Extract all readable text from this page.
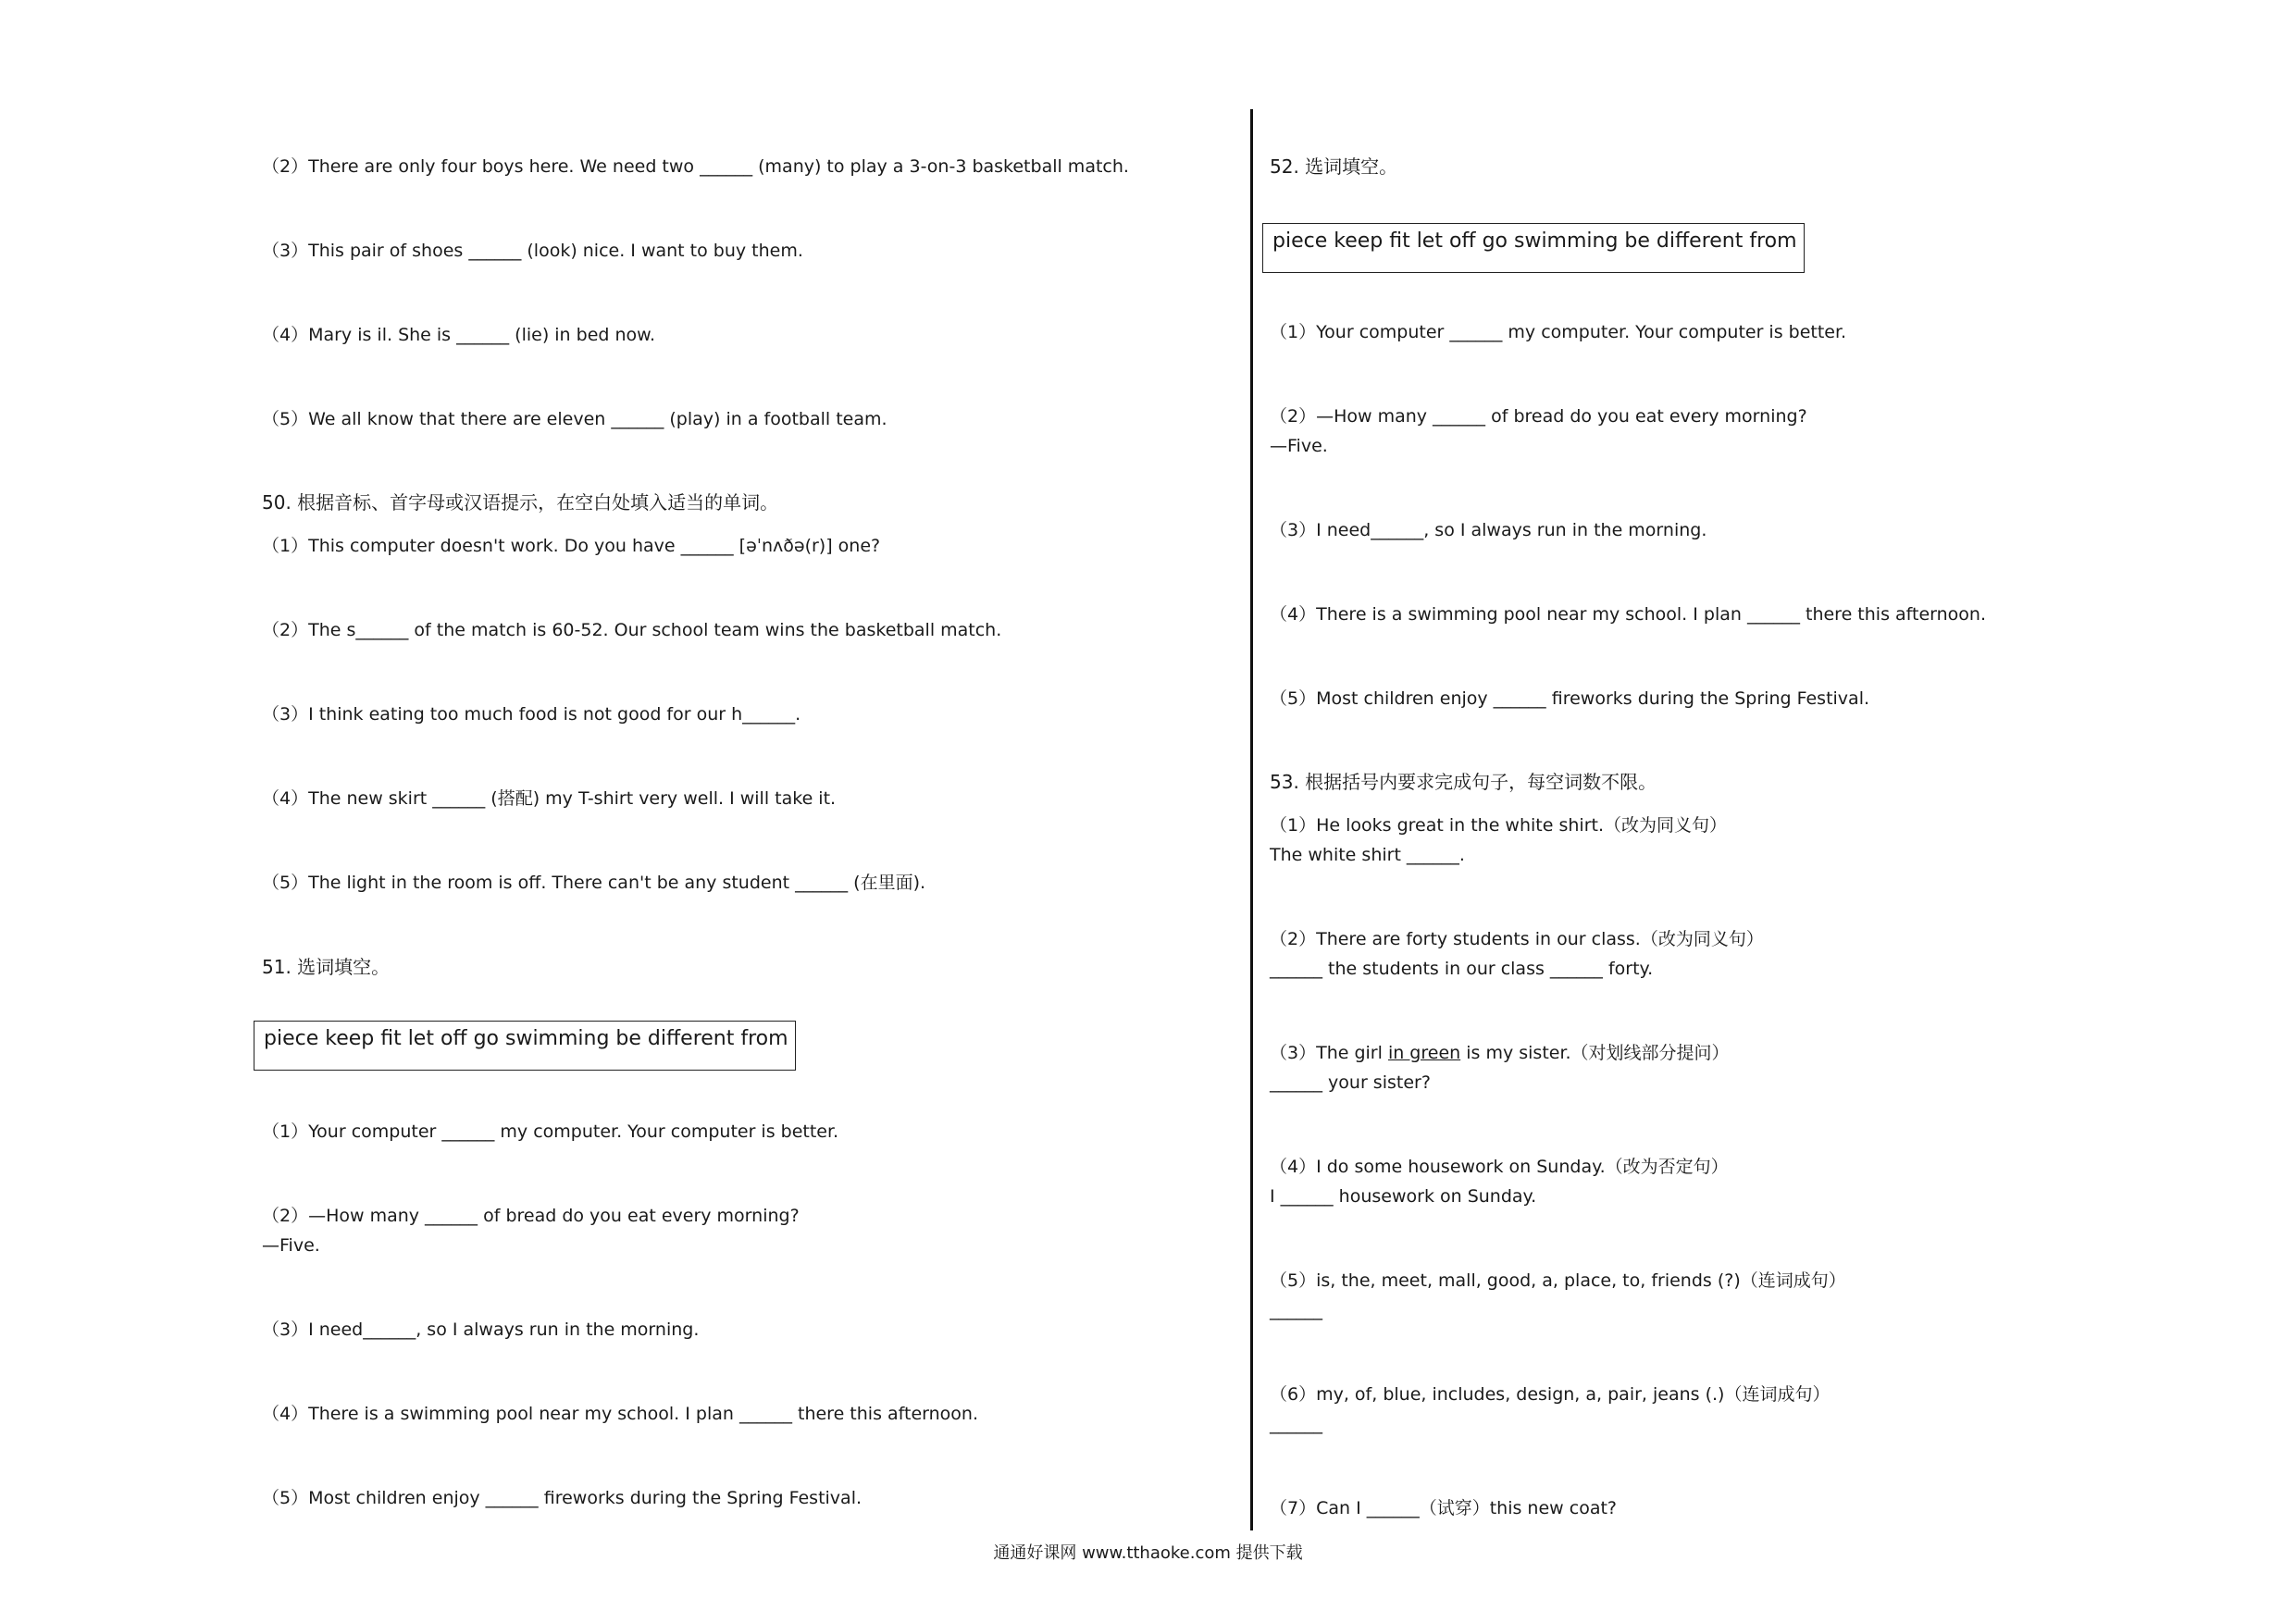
（2）There are only four boys here. We need two ______ (many) to play a 3-on-3 basketball match.
（3）This pair of shoes ______ (look) nice. I want to buy them.
（4）Mary is il. She is ______ (lie) in bed now.
（5）We all know that there are eleven ______ (play) in a football team.
50. 根据音标、首字母或汉语提示，在空白处填入适当的单词。
（1）This computer doesn't work. Do you have ______ [əˈnʌðə(r)] one?
（2）The s______ of the match is 60-52. Our school team wins the basketball match.
（3）I think eating too much food is not good for our h______.
（4）The new skirt ______ (搭配) my T-shirt very well. I will take it.
（5）The light in the room is off. There can't be any student ______ (在里面).
51. 选词填空。
piece keep fit let off go swimming be different from
（1）Your computer ______ my computer. Your computer is better.
（2）—How many ______ of bread do you eat every morning?
—Five.
（3）I need______, so I always run in the morning.
（4）There is a swimming pool near my school. I plan ______ there this afternoon.
（5）Most children enjoy ______ fireworks during the Spring Festival.
52. 选词填空。
piece keep fit let off go swimming be different from
（1）Your computer ______ my computer. Your computer is better.
（2）—How many ______ of bread do you eat every morning?
—Five.
（3）I need______, so I always run in the morning.
（4）There is a swimming pool near my school. I plan ______ there this afternoon.
（5）Most children enjoy ______ fireworks during the Spring Festival.
53. 根据括号内要求完成句子，每空词数不限。
（1）He looks great in the white shirt.（改为同义句）
The white shirt ______.
（2）There are forty students in our class.（改为同义句）
______ the students in our class ______ forty.
（3）The girl in green is my sister.（对划线部分提问）
______ your sister?
（4）I do some housework on Sunday.（改为否定句）
I ______ housework on Sunday.
（5）is, the, meet, mall, good, a, place, to, friends (?)（连词成句）
______
（6）my, of, blue, includes, design, a, pair, jeans (.)（连词成句）
______
（7）Can I ______（试穿）this new coat?
通通好课网 www.tthaoke.com 提供下载
